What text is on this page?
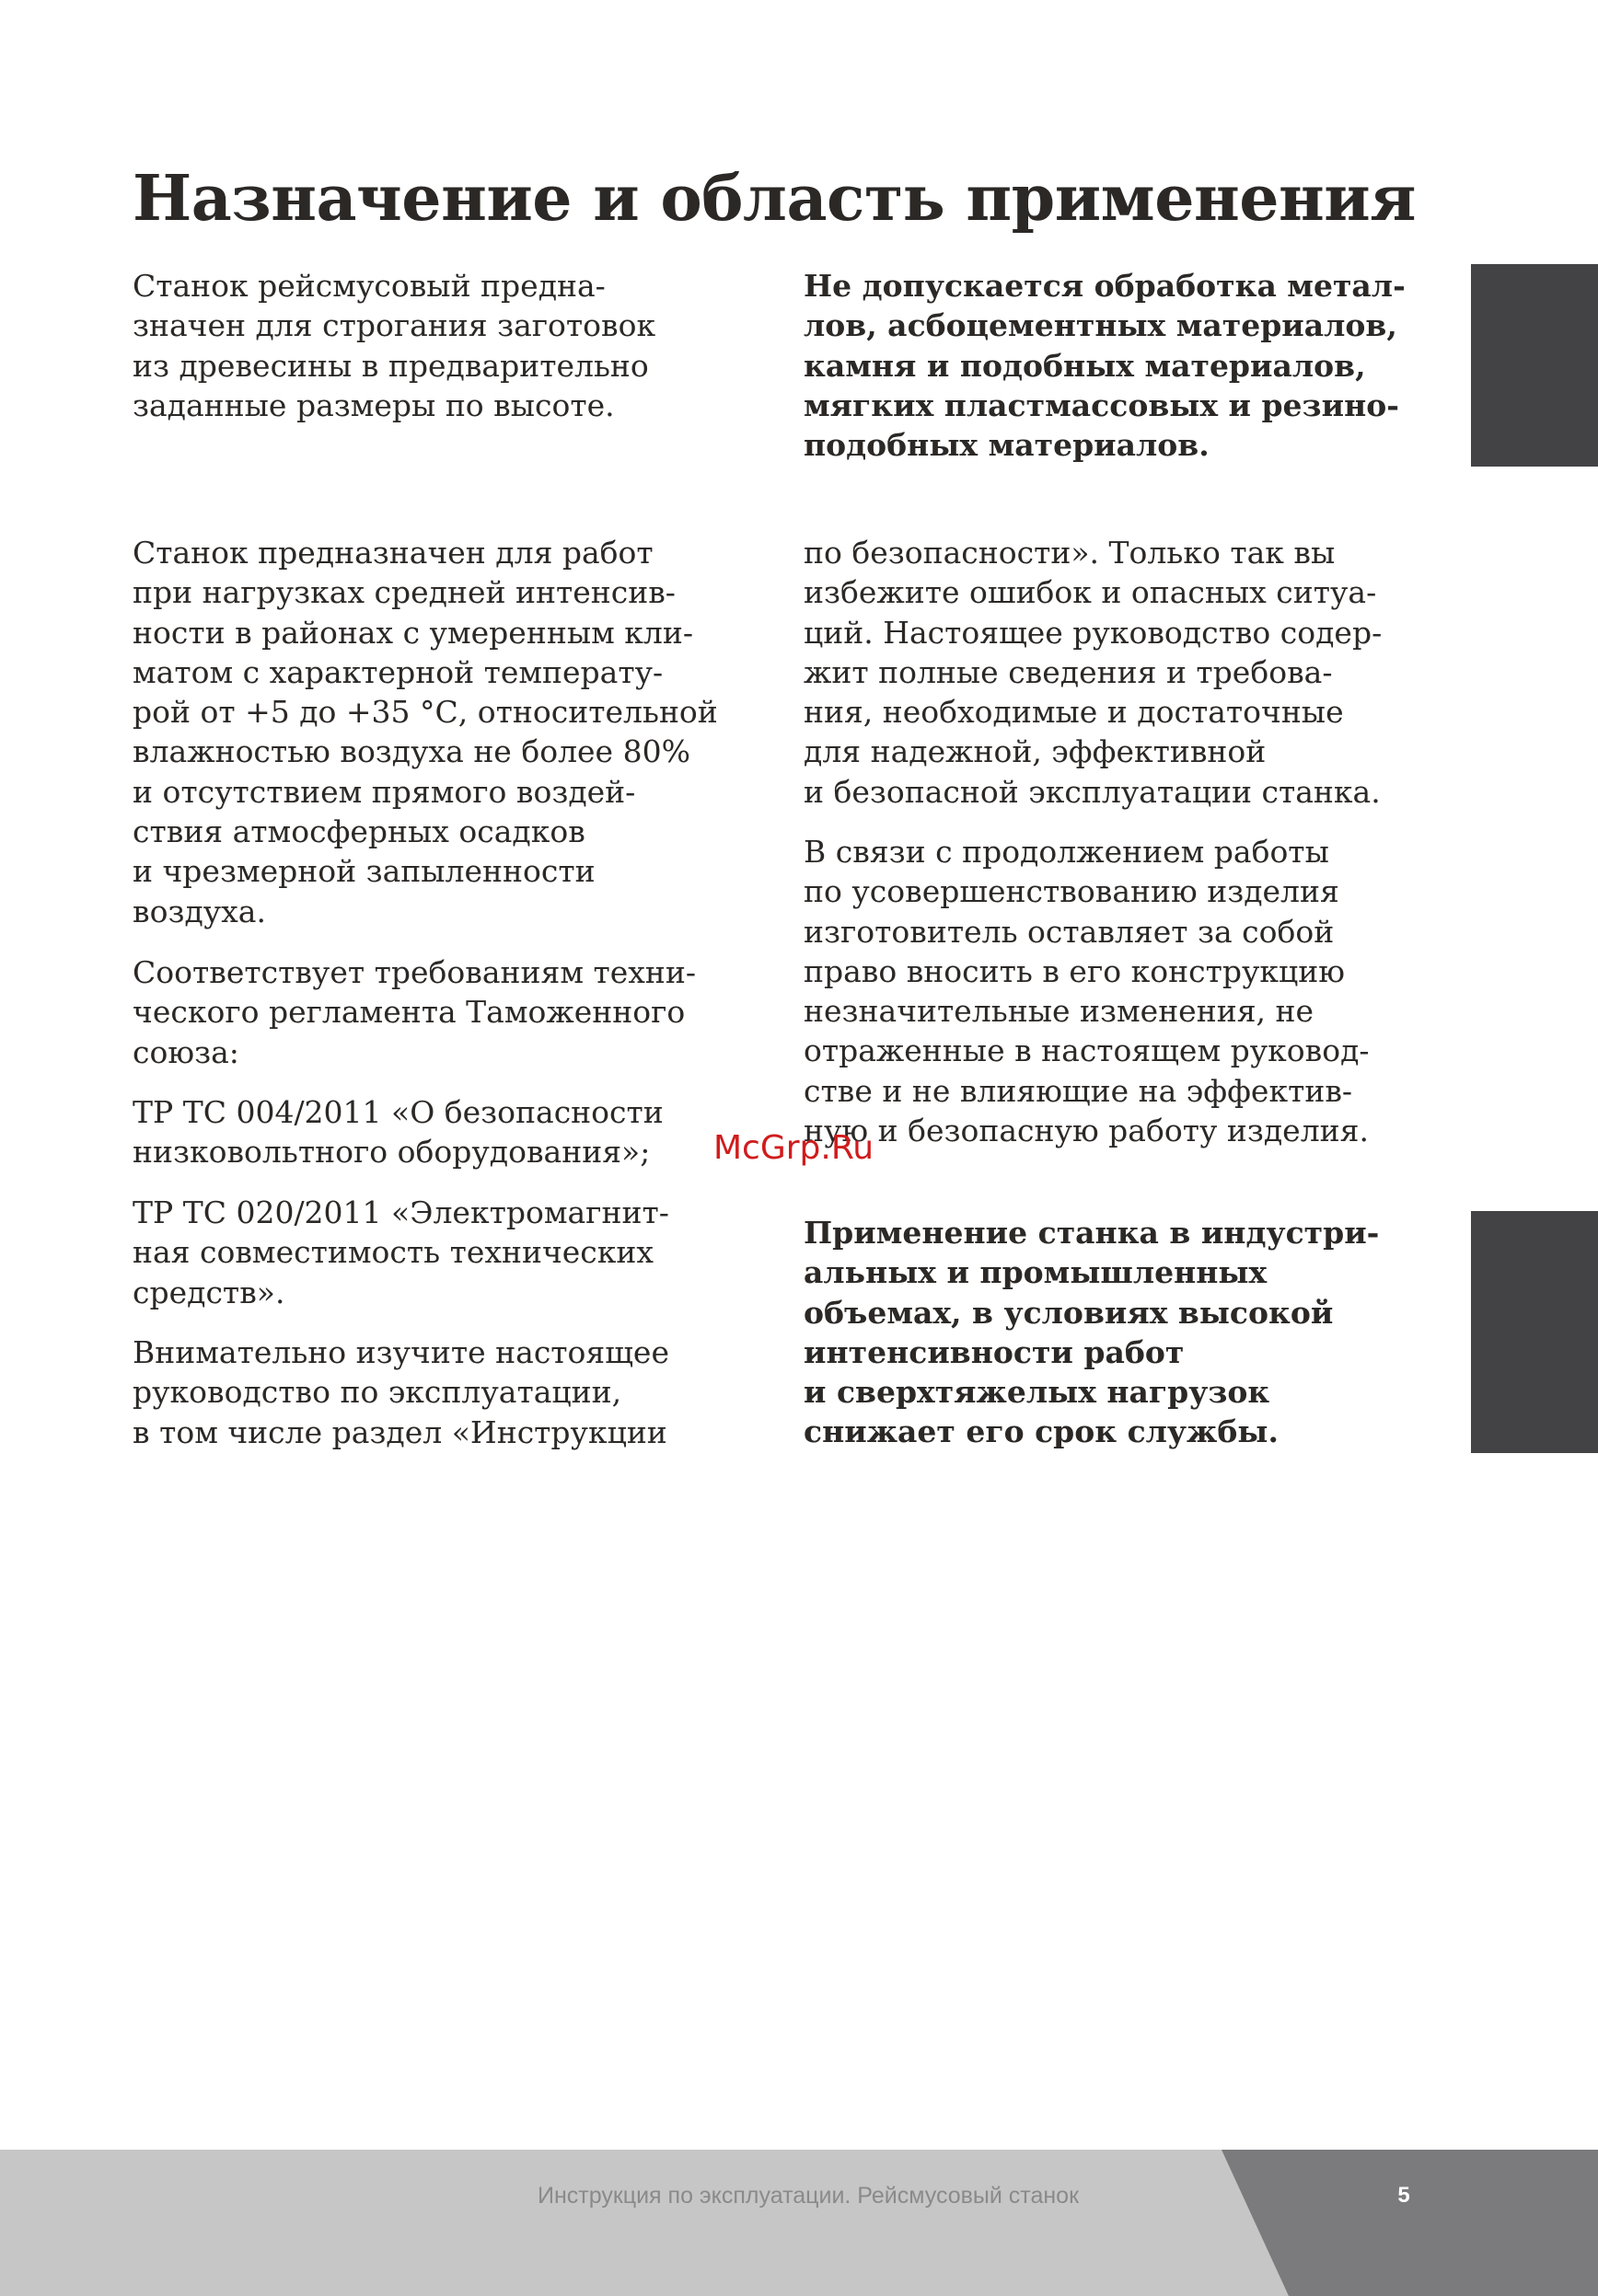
Назначение и область применения

Станок рейсмусовый предна-
значен для строгания заготовок
из древесины в предварительно
заданные размеры по высоте.

Станок предназначен для работ
при нагрузках средней интенсив-
ности в районах с умеренным кли-
матом с характерной температу-
рой от +5 до +35 °С, относительной
влажностью воздуха не более 80%
и отсутствием прямого воздей-
ствия атмосферных осадков
и чрезмерной запыленности
воздуха.

Соответствует требованиям техни-
ческого регламента Таможенного
союза:

ТР ТС 004/2011 «О безопасности
низковольтного оборудования»;

ТР ТС 020/2011 «Электромагнит-
ная совместимость технических
средств».

Внимательно изучите настоящее
руководство по эксплуатации,
в том числе раздел «Инструкции

Не допускается обработка метал-
лов, асбоцементных материалов,
камня и подобных материалов,
мягких пластмассовых и резино-
подобных материалов.

по безопасности». Только так вы
избежите ошибок и опасных ситуа-
ций. Настоящее руководство содер-
жит полные сведения и требова-
ния, необходимые и достаточные
для надежной, эффективной
и безопасной эксплуатации станка.

В связи с продолжением работы
по усовершенствованию изделия
изготовитель оставляет за собой
право вносить в его конструкцию
незначительные изменения, не
отраженные в настоящем руковод-
стве и не влияющие на эффектив-
ную и безопасную работу изделия.

Применение станка в индустри-
альных и промышленных
объемах, в условиях высокой
интенсивности работ
и сверхтяжелых нагрузок
снижает его срок службы.

McGrp.Ru
Инструкция по эксплуатации. Рейсмусовый станок	5
